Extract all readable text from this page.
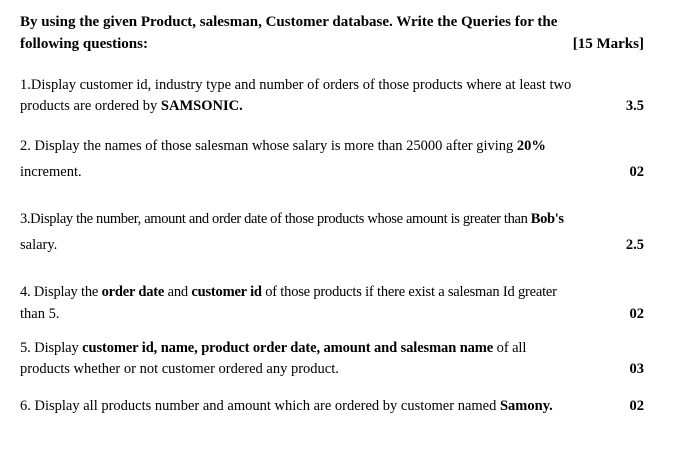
By using the given Product, salesman, Customer database. Write the Queries for the
following questions:	[15 Marks]
1.Display customer id, industry type and number of orders of those products where at least two
products are ordered by SAMSONIC.	3.5
2. Display the names of those salesman whose salary is more than 25000 after giving 20%
increment.	02
3.Display the number, amount and order date of those products whose amount is greater than Bob's
salary.	2.5
4. Display the order date and customer id of those products if there exist a salesman Id greater
than 5.	02
5. Display customer id, name, product order date, amount and salesman name of all
products whether or not customer ordered any product.	03
6. Display all products number and amount which are ordered by customer named Samony.	02
